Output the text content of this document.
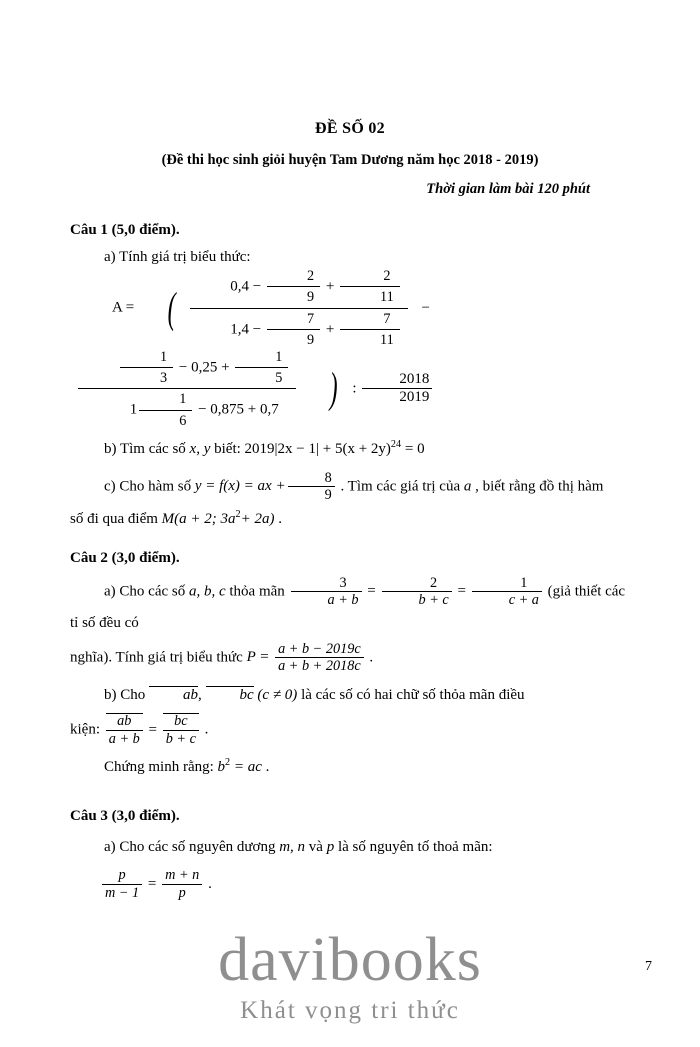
ĐỀ SỐ 02
(Đề thi học sinh giỏi huyện Tam Dương năm học 2018 - 2019)
Thời gian làm bài 120 phút
Câu 1 (5,0 điểm).
a) Tính giá trị biểu thức: A = ( $\frac{0,4 - \frac{2}{9} + \frac{2}{11}}{1,4 - \frac{7}{9} + \frac{7}{11}}$ −
$\frac{\frac{1}{3} - 0,25 + \frac{1}{5}}{1 \frac{1}{6} - 0,875 + 0,7}$ ) : $\frac{2018}{2019}$
b) Tìm các số x, y biết: $2019|2x - 1| + 5(x + 2y)^{24} = 0$
c) Cho hàm số y = f(x) = ax + $\frac{8}{9}$ . Tìm các giá trị của a , biết rằng đồ thị hàm
số đi qua điểm M(a + 2; $3a^2+ 2a$) .
Câu 2 (3,0 điểm).
a) Cho các số a, b, c thỏa mãn $\frac{3}{a + b} = \frac{2}{b + c} = \frac{1}{c + a}$ (giả thiết các tỉ số đều có
nghĩa). Tính giá trị biểu thức $P = \frac{a + b - 2019c}{a + b + 2018c}$ .
b) Cho	ab,	bc (c ≠ 0) là các số có hai chữ số thỏa mãn điều
kiện: $\frac{ab}{a + b} = \frac{bc}{b + c}$ .
Chứng minh rằng: $b^2$ = ac .
Câu 3 (3,0 điểm).
a) Cho các số nguyên dương m, n và p là số nguyên tố thoả mãn:
$\frac{p}{m - 1} = \frac{m + n}{p}$ .
7
davibooks
Khát vọng tri thức
